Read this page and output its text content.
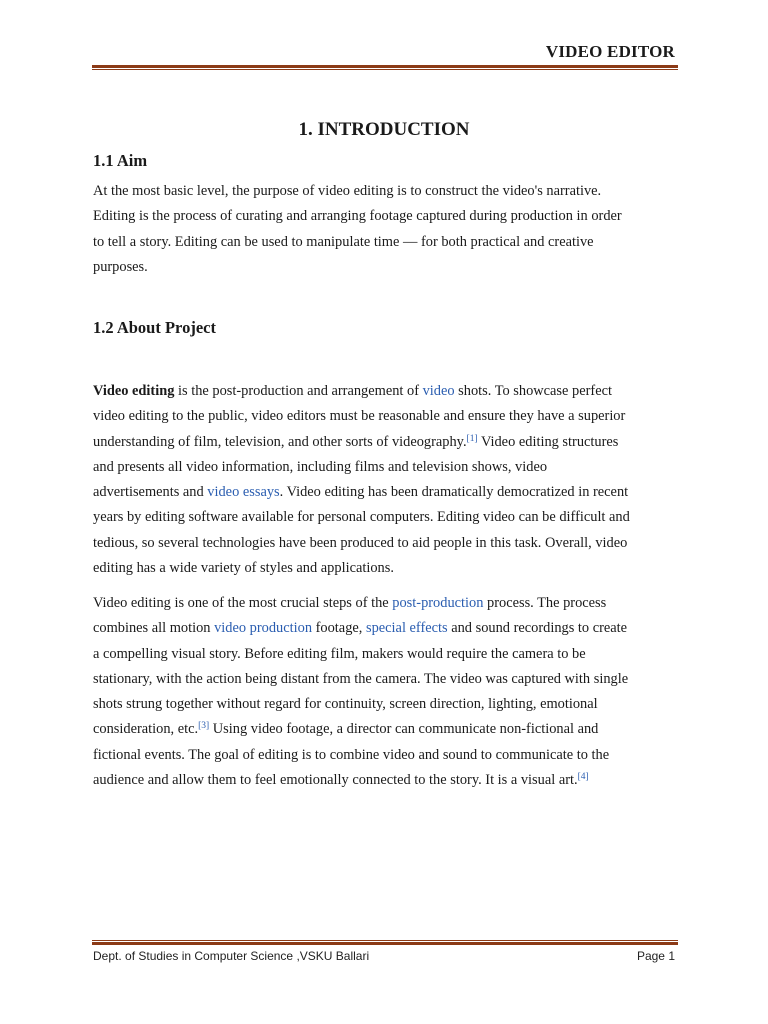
VIDEO EDITOR
1. INTRODUCTION
1.1 Aim

At the most basic level, the purpose of video editing is to construct the video's narrative.
Editing is the process of curating and arranging footage captured during production in order
to tell a story. Editing can be used to manipulate time — for both practical and creative
purposes.

1.2 About Project

Video editing is the post-production and arrangement of video shots. To showcase perfect
video editing to the public, video editors must be reasonable and ensure they have a superior
understanding of film, television, and other sorts of videography.[1] Video editing structures
and presents all video information, including films and television shows, video
advertisements and video essays. Video editing has been dramatically democratized in recent
years by editing software available for personal computers. Editing video can be difficult and
tedious, so several technologies have been produced to aid people in this task. Overall, video
editing has a wide variety of styles and applications.

Video editing is one of the most crucial steps of the post-production process. The process
combines all motion video production footage, special effects and sound recordings to create
a compelling visual story. Before editing film, makers would require the camera to be
stationary, with the action being distant from the camera. The video was captured with single
shots strung together without regard for continuity, screen direction, lighting, emotional
consideration, etc.[3] Using video footage, a director can communicate non-fictional and
fictional events. The goal of editing is to combine video and sound to communicate to the
audience and allow them to feel emotionally connected to the story. It is a visual art.[4]

Dept. of Studies in Computer Science ,VSKU Ballari	Page 1
